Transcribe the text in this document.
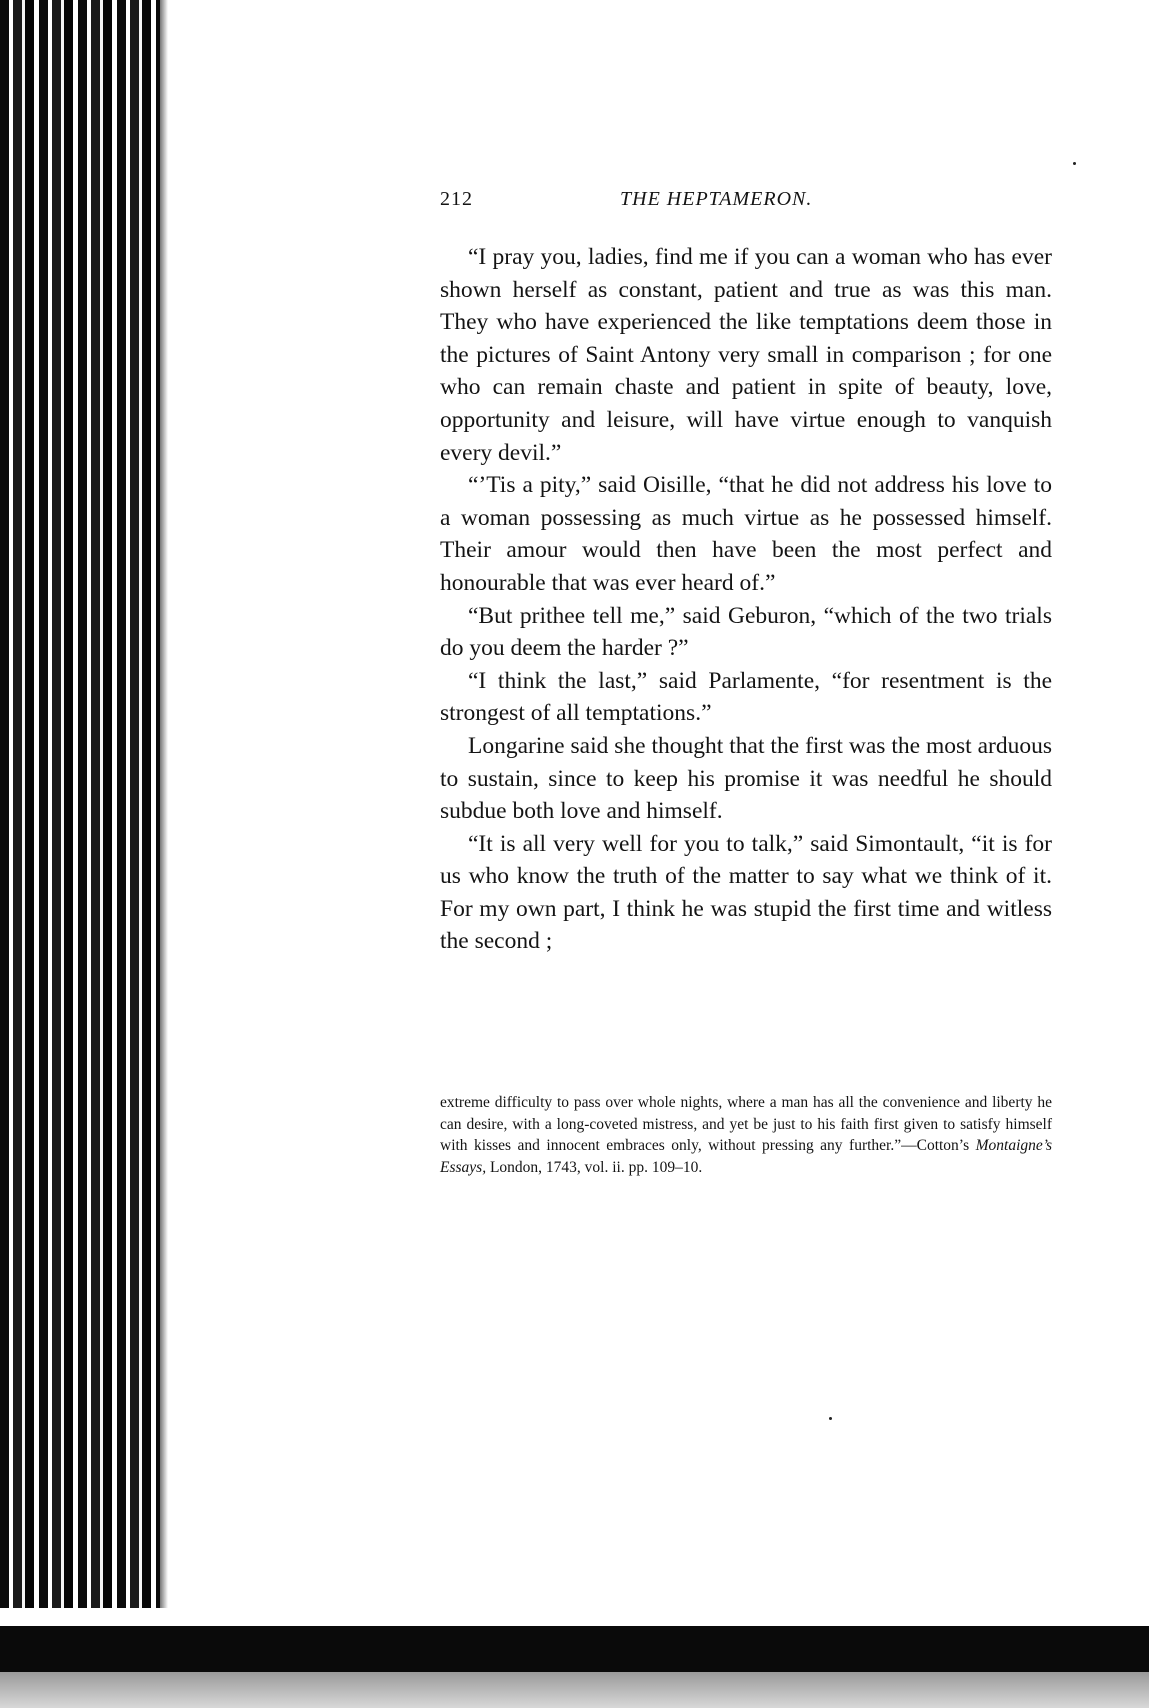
212	THE HEPTAMERON.

“I pray you, ladies, find me if you can a woman who has ever shown herself as constant, patient and true as was this man. They who have experienced the like temptations deem those in the pictures of Saint Antony very small in comparison ; for one who can remain chaste and patient in spite of beauty, love, opportunity and leisure, will have virtue enough to vanquish every devil.”

“’Tis a pity,” said Oisille, “that he did not address his love to a woman possessing as much virtue as he possessed himself. Their amour would then have been the most perfect and honourable that was ever heard of.”

“But prithee tell me,” said Geburon, “which of the two trials do you deem the harder ?”

“I think the last,” said Parlamente, “for resentment is the strongest of all temptations.”

Longarine said she thought that the first was the most arduous to sustain, since to keep his promise it was needful he should subdue both love and himself.

“It is all very well for you to talk,” said Simontault, “it is for us who know the truth of the matter to say what we think of it. For my own part, I think he was stupid the first time and witless the second ;

extreme difficulty to pass over whole nights, where a man has all the convenience and liberty he can desire, with a long-coveted mistress, and yet be just to his faith first given to satisfy himself with kisses and innocent embraces only, without pressing any further.”—Cotton’s Montaigne’s Essays, London, 1743, vol. ii. pp. 109–10.
